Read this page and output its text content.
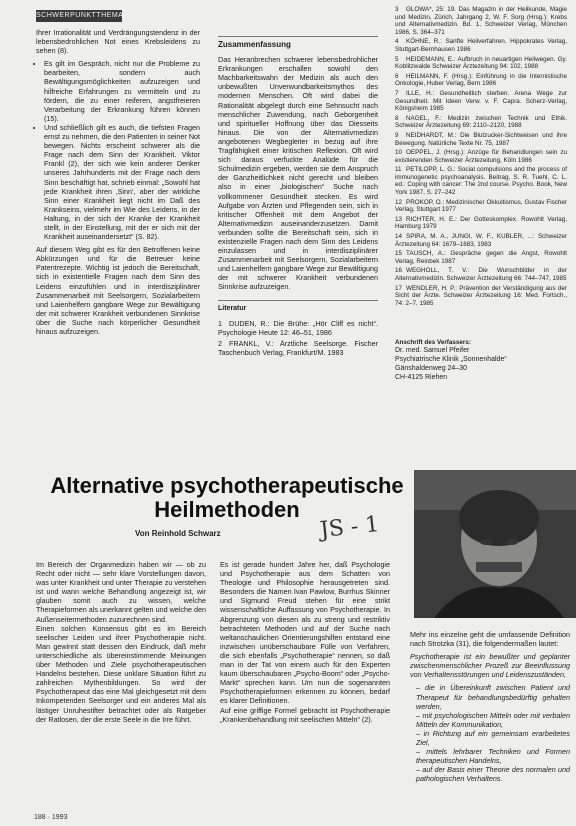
SCHWERPUNKTTHEMA

Ihrer Irrationalität und Verdrängungstendenz in der lebensbedrohlichen Not eines Krebsleidens zu sehen (8).

• Es gilt im Gespräch, nicht nur die Probleme zu bearbeiten, sondern auch Bewältigungsmöglichkeiten aufzuzeigen und hilfreiche Erfahrungen zu vermitteln und zu fördern, die zu einer reiferen, angstfreieren Verarbeitung der Erkrankung führen können (15).
• Und schließlich gilt es auch, die tiefsten Fragen ernst zu nehmen, die den Patienten in seiner Not bewegen. Nichts erscheint schwerer als die Frage nach dem Sinn der Krankheit. Viktor Frankl (2), der sich wie kein anderer Denker unseres Jahrhunderts mit der Frage nach dem Sinn beschäftigt hat, schrieb einmal: „Sowohl hat jede Krankheit ihren ‚Sinn‘, aber der wirkliche Sinn einer Krankheit liegt nicht im Daß des Krankseins, vielmehr im Wie des Leidens, in der Haltung, in der sich der Kranke der Krankheit stellt, in der Einstellung, mit der er sich mit der Krankheit auseinandersetzt“ (S. 82).

Auf diesem Weg gibt es für den Betroffenen keine Abkürzungen und für die Betreuer keine Patentrezepte. Wichtig ist jedoch die Bereitschaft, sich in existentielle Fragen nach dem Sinn des Leidens einzufühlen und in interdisziplinärer Zusammenarbeit mit Seelsorgern, Sozialarbeitern und Laienhelfern gangbare Wege zur Bewältigung der mit schwerer Krankheit verbundenen Sinnkrise über die Suche nach körperlicher Gesundheit hinaus aufzuzeigen.

Zusammenfassung

Das Heranbrechen schwerer lebensbedrohlicher Erkrankungen erschallen sowohl den Machbarkeitswahn der Medizin als auch den unbewußten Unverwundbarkeitsmythos des modernen Menschen. Oft wird dabei die Rationalität abgelegt durch eine Sehnsucht nach menschlicher Zuwendung, nach Geborgenheit und spiritueller Hoffnung über das Diesseits hinaus. Die von der Alternativmedizin angebotenen Wegbegleiter in bezug auf ihre Tragfähigkeit einer kritischen Reflexion. Oft wird sich daraus verfuckte Analüde für die Schulmedizin ergeben, werden sie dem Anspruch der Ganzheitlichkeit nicht gerecht und bleiben also in einer „biologischen“ Suche nach vollkommener Gesundheit stecken. Es wird Aufgabe von Ärzten und Pflegenden sein, sich in kritischer Offenheit mit dem Angebot der Alternativmedizin auseinanderzusetzen. Damit verbunden sollte die Bereitschaft sein, sich in existenzielle Fragen nach dem Sinn des Leidens einzulassen und in interdisziplinärer Zusammenarbeit mit Seelsorgern, Sozialarbeitern und Laienhelfern gangbare Wege zur Bewältigung der mit schwerer Krankheit verbundenen Sinnkrise aufzuzeigen.

Literatur
1 DUDEN, R.: Die Brühe: „Hör Cliff es nicht“. Psychologie Heute 12: 46–51, 1986
2 FRANKL, V.: Ärztliche Seelsorge. Fischer Taschenbuch Verlag, Frankfurt/M. 1983
3 GLOWA*, 25: 19. Das Magazin in der Heilkunde, Magie und Medizin, Zürich, Jahrgang 2, W. F. Sorg (Hrsg.): Krebs und Alternativmedizin. Bd. 1, Schweizer Verlag, München 1986, S. 364–371
4 KÖHNE, R.: Sanfte Heilverfahren. Hippokrates Verlag, Stuttgart-Bernhausen 1986
5 HEIDEMANN, E.: Aufbruch in neuartigen Heilwegen. Gy. Koblitzwalde Schweizer Ärztezeitung 94: 102, 1988
6 HEILMANN, F. (Hrsg.): Einführung in die Internistische Onkologie, Huber Verlag, Bern 1986
7 ILLE, H.: Gesundheitlich sterben. Arena Wege zur Gesundheit. Mit Ideen Verw. v. F. Capra. Scherz-Verlag, Königsheim 1985
8 NAGEL, F.: Medizin zwischen Technik und Ethik. Schweizer Ärztezeitung 69: 2110–2120, 1988
9 NEIDHARDT, M.: Die Blutzucker-Sichtweisen und ihre Bewegung. Natürliche Texte Nr. 75, 1987
10 OEPPEL, J. (Hrsg.): Anzüge für Behandlungen sein zu existierenden Schweizer Ärztezeitung, Köln 1986
11 PETILOPP, L. G.: Social compulsions and the process of immunogenetic psychoanalysis. Beitrag, S. R. Tuehl, C. L. ed.: Coping with cancer: The 2nd course. Psycho. Book, New York 1987, S. 27–242
12 PROKOP, O.: Medizinischer Okkultismus, Gustav Fischer Verlag, Stuttgart 1977
13 RICHTER, H. E.: Der Gotteskomplex. Rowohlt Verlag, Hamburg 1979
14 SPIRA, M. A., JUNGI, W. F., KUBLER, ...: Schweizer Ärztezeitung 64: 1679–1683, 1983
15 TAUSCH, A.: Gespräche gegen die Angst, Rowohlt Verlag, Reinbek 1987
16 WEGHOLL, T. V.: Die Wunschbilder in der Alternativmedizin. Schweizer Ärztezeitung 66: 744–747, 1985
17 WENDLER, H. P.: Prävention der Verständigung aus der Sicht der Ärzte. Schweizer Ärztezeitung 16: Med. Fortsch., 74: 2–7, 1985
Anschrift des Verfassers:
Dr. med. Samuel Pfeifer
Psychiatrische Klinik „Sonnenhalde“
Gänshaldenweg 24–30
CH-4125 Riehen
Alternative psychotherapeutische
Heilmethoden
Von Reinhold Schwarz	JS - 1
Im Bereich der Organmedizin haben wir — ob zu Recht oder nicht — sehr klare Vorstellungen davon, was unter Krankheit und unter Therapie zu verstehen ist und wann welche Behandlung angezeigt ist, wir glauben somit auch zu wissen, welche Therapieformen als unerkannt gelten und welche den Außenseitermethoden zuzurechnen sind.
Einen solchen Konsensus gibt es im Bereich seelischer Leiden und ihrer Psychotherapie nicht. Man gewinnt statt dessen den Eindruck, daß mehr unterschiedliche als übereinstimmende Meinungen über Methoden und Ziele psychotherapeutischen Handelns bestehen. Diese unklare Situation führt zu zahlreichen Mythenbildungen. So wird der Psychotherapeut das eine Mal gleichgesetzt mit dem Inkompetenden Seelsorger und ein anderes Mal als lästiger Unruhestifter betrachtet oder als Ratgeber der Ratlosen, der die erste Seele in die Irre führt.
Es ist gerade hundert Jahre her, daß Psychologie und Psychotherapie aus dem Schatten von Theologie und Philosophie herausgetreten sind. Besonders die Namen Ivan Pawlow, Burrhus Skinner und Sigmund Freud stehen für eine strikt wissenschaftliche Auffassung von Psychotherapie. In Abgrenzung von diesen als zu streng und restriktiv betrachteten Methoden und auf der Suche nach weltanschaulichen Orientierungshilfen entstand eine inzwischen unüberschaubare Fülle von Verfahren, die sich ebenfalls „Psychotherapie“ nennen, so daß man in der Tat von einem auch für den Experten kaum überschaubaren „Psycho-Boom“ oder „Psycho-Markt“ sprechen kann. Um nun die sogenannten Psychotherapieformen erkennen zu können, bedarf es klarer Definitionen.
Auf eine griffige Formel gebracht ist Psychotherapie „Krankenbehandlung mit seelischen Mitteln“ (2).

Mehr ins einzelne geht die umfassende Definition nach Strotzka (31), die folgendermaßen lautet:

Psychotherapie ist ein bewußter und geplanter zwischenmenschlicher Prozeß zur Beeinflussung von Verhaltensstörungen und Leidenszuständen,

– die in Übereinkunft zwischen Patient und Therapeut für behandlungsbedürftig gehalten werden,
– mit psychologischen Mitteln oder mit verbalen Mitteln der Kommunikation,
– in Richtung auf ein gemeinsam erarbeitetes Ziel,
– mittels lehrbarer Techniken und Formen therapeutischen Handelns,
– auf der Basis einer Theorie des normalen und pathologischen Verhaltens.
188 · 1993
